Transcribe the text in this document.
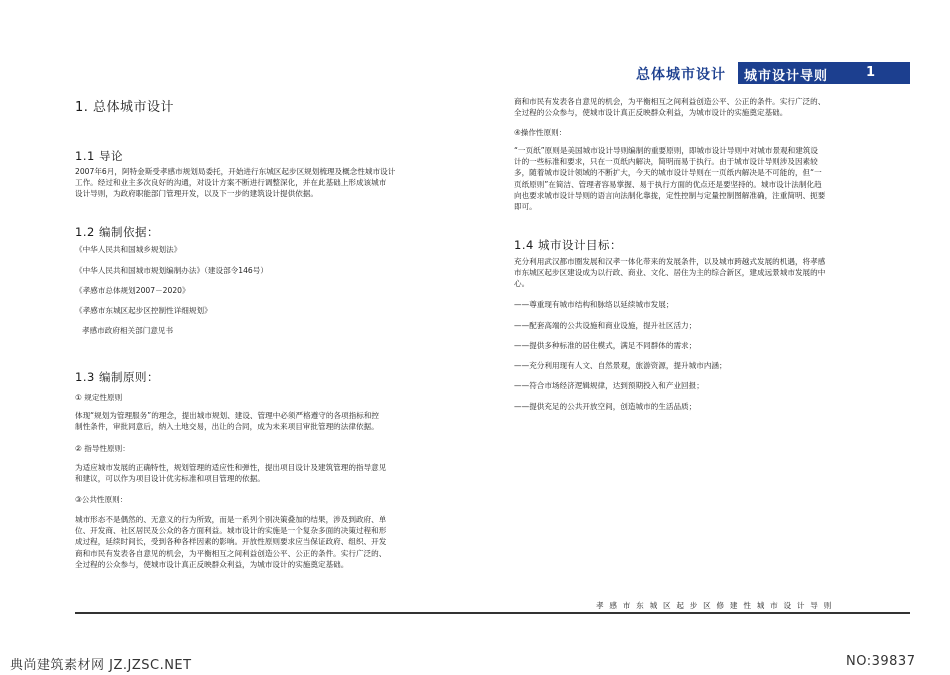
总体城市设计 城市设计导则	1
1. 总体城市设计
1.1 导论
2007年6月，阿特金斯受孝感市规划局委托，开始进行东城区起步区规划梳理及概念性城市设计
工作。经过和业主多次良好的沟通，对设计方案不断进行调整深化，并在此基础上形成该城市
设计导则，为政府职能部门管理开发，以及下一步的建筑设计提供依据。
1.2 编制依据：
《中华人民共和国城乡规划法》
《中华人民共和国城市规划编制办法》（建设部令146号）
《孝感市总体规划2007－2020》
《孝感市东城区起步区控制性详细规划》
孝感市政府相关部门意见书
1.3 编制原则：
① 规定性原则
体现“规划为管理服务”的理念，提出城市规划、建设、管理中必须严格遵守的各项指标和控
制性条件，审批同意后，纳入土地交易，出让的合同，成为未来项目审批管理的法律依据。
② 指导性原则：
为适应城市发展的正确特性，规划管理的适应性和弹性，提出项目设计及建筑管理的指导意见
和建议，可以作为项目设计优劣标准和项目管理的依据。
③公共性原则：
城市形态不是偶然的、无意义的行为所致，而是一系列个别决策叠加的结果，涉及到政府、单
位、开发商、社区居民及公众的各方面利益。城市设计的实施是一个复杂多面的决策过程和形
成过程，延续时间长，受到各种各样因素的影响。开放性原则要求应当保证政府、组织、开发
商和市民有发表各自意见的机会，为平衡相互之间利益创造公平、公正的条件。实行广泛的、
全过程的公众参与，使城市设计真正反映群众利益，为城市设计的实施奠定基础。
商和市民有发表各自意见的机会，为平衡相互之间利益创造公平、公正的条件。实行广泛的、
全过程的公众参与，使城市设计真正反映群众利益，为城市设计的实施奠定基础。
④操作性原则：
“一页纸”原则是美国城市设计导则编制的重要原则，即城市设计导则中对城市景观和建筑设
计的一些标准和要求，只在一页纸内解决，简明而易于执行。由于城市设计导则涉及因素较
多，随着城市设计领域的不断扩大，今天的城市设计导则在一页纸内解决是不可能的，但“一
页纸原则”在简洁、管理者容易掌握、易于执行方面的优点还是要坚持的。城市设计法制化趋
向也要求城市设计导则的语言向法制化靠拢，定性控制与定量控制图解准确，注重简明、扼要
即可。
1.4 城市设计目标：
充分利用武汉都市圈发展和汉孝一体化带来的发展条件，以及城市跨越式发展的机遇，将孝感
市东城区起步区建设成为以行政、商业、文化、居住为主的综合新区，建成远景城市发展的中
心。
——尊重现有城市结构和脉络以延续城市发展；
——配套高端的公共设施和商业设施，提升社区活力；
——提供多种标准的居住模式，满足不同群体的需求；
——充分利用现有人文、自然景观，旅游资源，提升城市内涵；
——符合市场经济逻辑规律，达到预期投入和产业回报；
——提供充足的公共开放空间，创造城市的生活品质；
孝感市东城区起步区修建性城市设计导则
典尚建筑素材网 JZ.JZSC.NET	NO:39837
